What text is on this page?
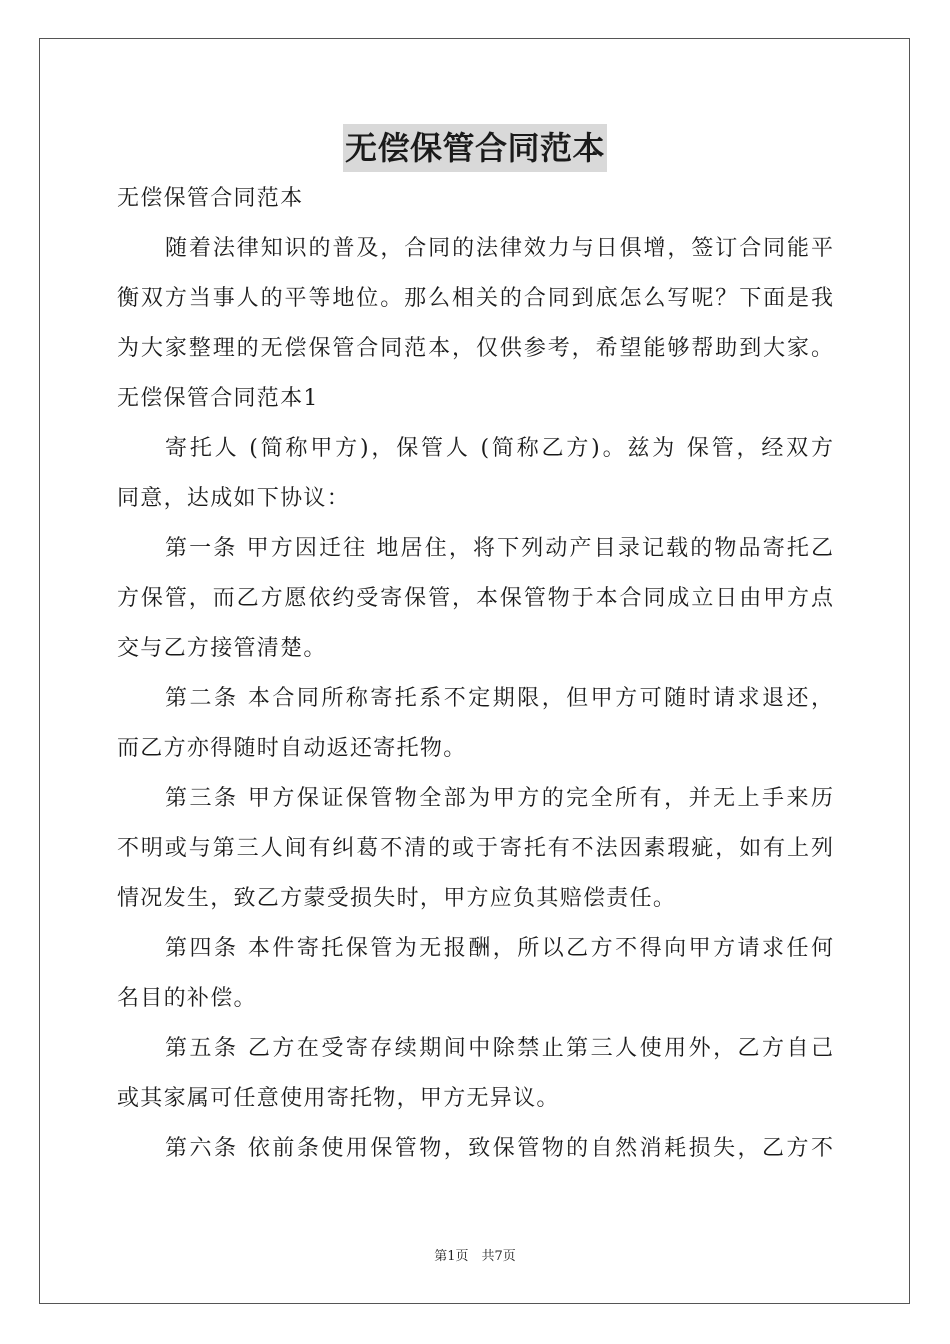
无偿保管合同范本
无偿保管合同范本
随着法律知识的普及，合同的法律效力与日俱增，签订合同能平
衡双方当事人的平等地位。那么相关的合同到底怎么写呢？下面是我
为大家整理的无偿保管合同范本，仅供参考，希望能够帮助到大家。
无偿保管合同范本1
寄托人 (简称甲方)，保管人 (简称乙方)。兹为 保管，经双方
同意，达成如下协议：
第一条 甲方因迁往 地居住，将下列动产目录记载的物品寄托乙
方保管，而乙方愿依约受寄保管，本保管物于本合同成立日由甲方点
交与乙方接管清楚。
第二条 本合同所称寄托系不定期限，但甲方可随时请求退还，
而乙方亦得随时自动返还寄托物。
第三条 甲方保证保管物全部为甲方的完全所有，并无上手来历
不明或与第三人间有纠葛不清的或于寄托有不法因素瑕疵，如有上列
情况发生，致乙方蒙受损失时，甲方应负其赔偿责任。
第四条 本件寄托保管为无报酬，所以乙方不得向甲方请求任何
名目的补偿。
第五条 乙方在受寄存续期间中除禁止第三人使用外，乙方自己
或其家属可任意使用寄托物，甲方无异议。
第六条 依前条使用保管物，致保管物的自然消耗损失，乙方不
第1页　共7页
